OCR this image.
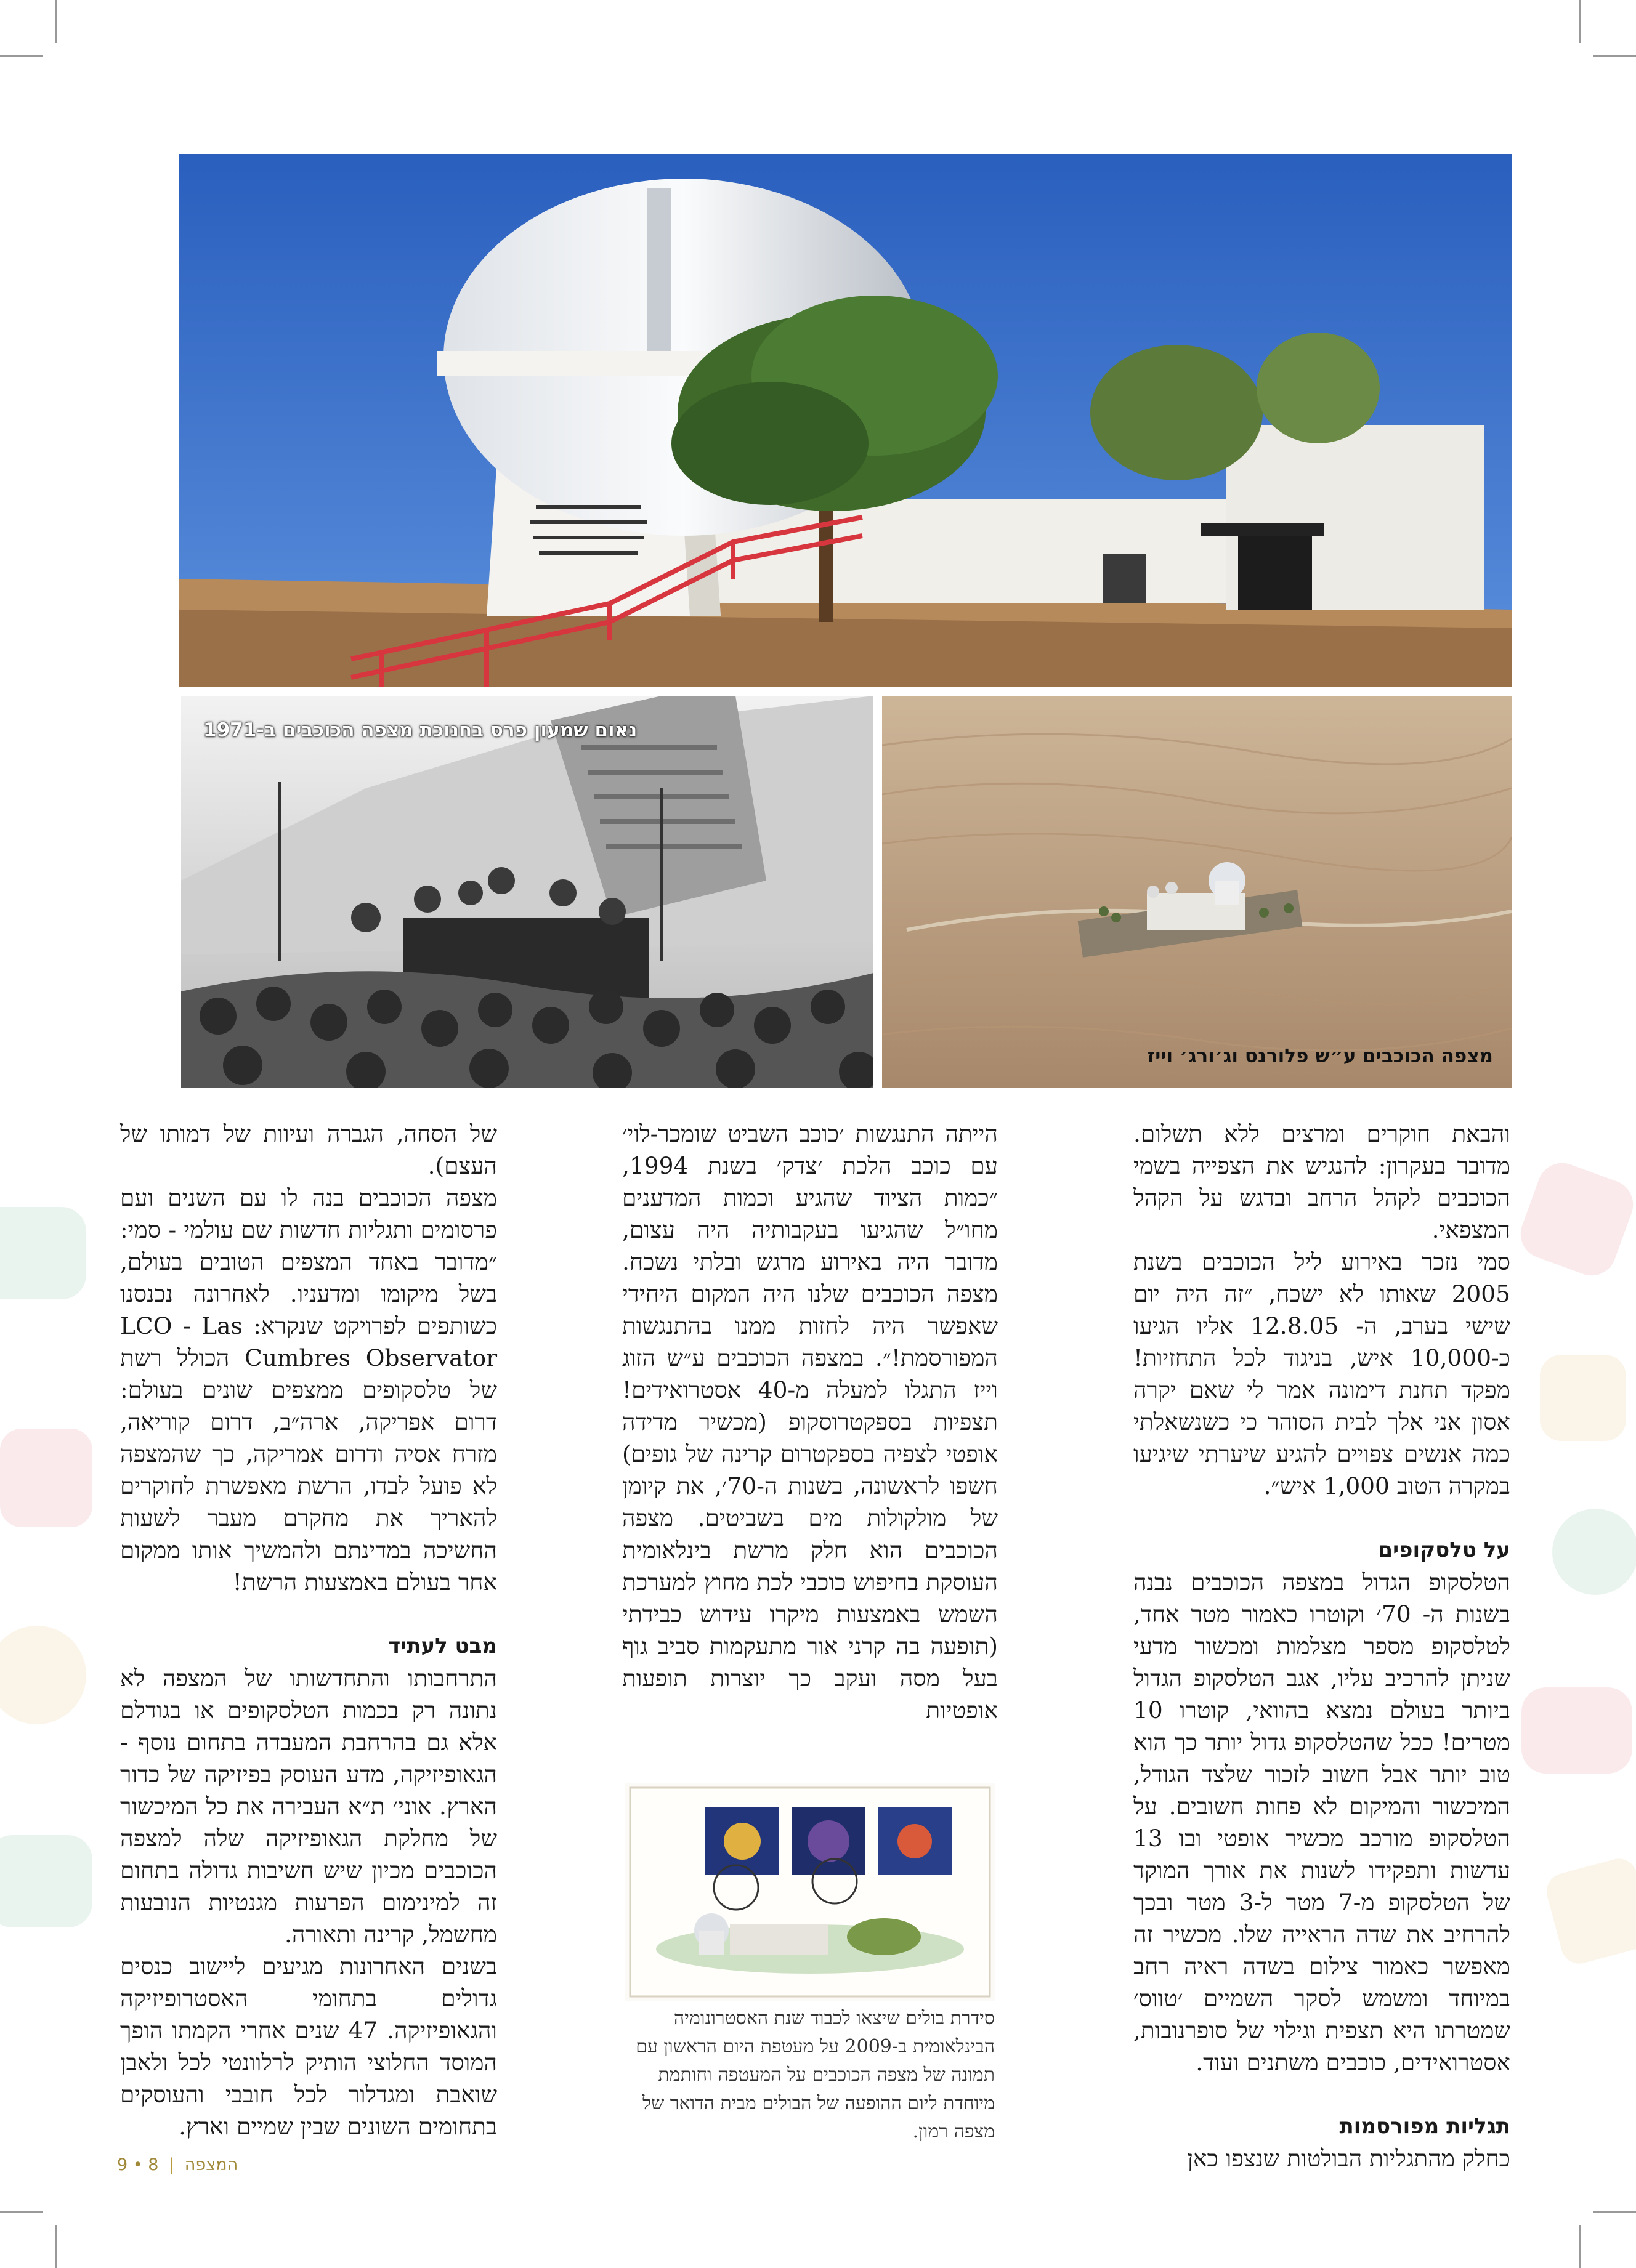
נאום שמעון פרס בחנוכת מצפה הכוכבים ב-1971
מצפה הכוכבים ע״ש פלורנס וג׳ורג׳ וייז

והבאת חוקרים ומרצים ללא תשלום. מדובר בעקרון: להנגיש את הצפייה בשמי הכוכבים לקהל הרחב ובדגש על הקהל המצפאי.

סמי נזכר באירוע ליל הכוכבים בשנת 2005 שאותו לא ישכח, ״זה היה יום שישי בערב, ה- 12.8.05 אליו הגיעו כ-10,000 איש, בניגוד לכל התחזיות! מפקד תחנת דימונה אמר לי שאם יקרה אסון אני אלך לבית הסוהר כי כשנשאלתי כמה אנשים צפויים להגיע שיערתי שיגיעו במקרה הטוב 1,000 איש״.

על טלסקופים

הטלסקופ הגדול במצפה הכוכבים נבנה בשנות ה- 70׳ וקוטרו כאמור מטר אחד, לטלסקופ מספר מצלמות ומכשור מדעי שניתן להרכיב עליו, אגב הטלסקופ הגדול ביותר בעולם נמצא בהוואי, קוטרו 10 מטרים! ככל שהטלסקופ גדול יותר כך הוא טוב יותר אבל חשוב לזכור שלצד הגודל, המיכשור והמיקום לא פחות חשובים. על הטלסקופ מורכב מכשיר אופטי ובו 13 עדשות ותפקידו לשנות את אורך המוקד של הטלסקופ מ-7 מטר ל-3 מטר ובכך להרחיב את שדה הראייה שלו. מכשיר זה מאפשר כאמור צילום בשדה ראיה רחב במיוחד ומשמש לסקר השמיים ׳טווס׳ שמטרתו היא תצפית וגילוי של סופרנובות, אסטרואידים, כוכבים משתנים ועוד.

תגליות מפורסמות

כחלק מהתגליות הבולטות שנצפו כאן

הייתה התנגשות ׳כוכב השביט שומכר-לוי׳ עם כוכב הלכת ׳צדק׳ בשנת 1994, ״כמות הציוד שהגיע וכמות המדענים מחו״ל שהגיעו בעקבותיה היה עצום, מדובר היה באירוע מרגש ובלתי נשכח. מצפה הכוכבים שלנו היה המקום היחידי שאפשר היה לחזות ממנו בהתנגשות המפורסמת!״. במצפה הכוכבים ע״ש הזוג וייז התגלו למעלה מ-40 אסטרואידים! תצפיות בספקטרוסקופ (מכשיר מדידה אופטי לצפיה בספקטרום קרינה של גופים) חשפו לראשונה, בשנות ה-70׳, את קיומן של מולקולות מים בשביטים. מצפה הכוכבים הוא חלק מרשת בינלאומית העוסקת בחיפוש כוכבי לכת מחוץ למערכת השמש באמצעות מיקרו עידוש כבידתי (תופעה בה קרני אור מתעקמות סביב גוף בעל מסה ועקב כך יוצרות תופעות אופטיות

סידרת בולים שיצאו לכבוד שנת האסטרונומיה הבינלאומית ב-2009 על מעטפת היום הראשון עם תמונה של מצפה הכוכבים על המעטפה וחותמת מיוחדת ליום ההופעה של הבולים מבית הדואר של מצפה רמון.

של הסחה, הגברה ועיוות של דמותו של העצם).

מצפה הכוכבים בנה לו עם השנים ועם פרסומים ותגליות חדשות שם עולמי - סמי: ״מדובר באחד המצפים הטובים בעולם, בשל מיקומו ומדעניו. לאחרונה נכנסנו כשותפים לפרויקט שנקרא: LCO - Las Cumbres Observator הכולל רשת של טלסקופים ממצפים שונים בעולם: דרום אפריקה, ארה״ב, דרום קוריאה, מזרח אסיה ודרום אמריקה, כך שהמצפה לא פועל לבדו, הרשת מאפשרת לחוקרים להאריך את מחקרם מעבר לשעות החשיכה במדינתם ולהמשיך אותו ממקום אחר בעולם באמצעות הרשת!

מבט לעתיד

התרחבותו והתחדשותו של המצפה לא נתונה רק בכמות הטלסקופים או בגודלם אלא גם בהרחבת המעבדה בתחום נוסף - הגאופיזיקה, מדע העוסק בפיזיקה של כדור הארץ. אוני׳ ת״א העבירה את כל המיכשור של מחלקת הגאופיזיקה שלה למצפה הכוכבים מכיון שיש חשיבות גדולה בתחום זה למינימום הפרעות מגנטיות הנובעות מחשמל, קרינה ותאורה.

בשנים האחרונות מגיעים ליישוב כנסים גדולים בתחומי האסטרופיזיקה והגאופיזיקה. 47 שנים אחרי הקמתו הופך המוסד החלוצי הותיק לרלוונטי לכל ולאבן שואבת ומגדלור לכל חובבי והעוסקים בתחומים השונים שבין שמיים וארץ.

9 • 8 | המצפה
